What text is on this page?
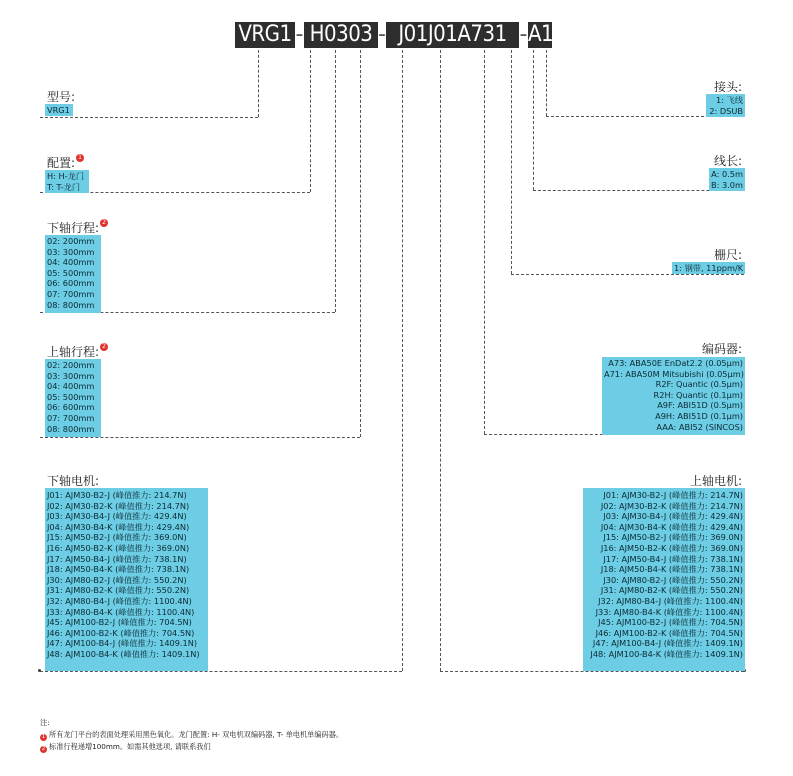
VRG1 - H0303 - J01J01A731 - A1
型号:
VRG1
配置: 1
H: H-龙门
T: T-龙门
下轴行程: 2
02: 200mm
03: 300mm
04: 400mm
05: 500mm
06: 600mm
07: 700mm
08: 800mm
上轴行程: 2
02: 200mm
03: 300mm
04: 400mm
05: 500mm
06: 600mm
07: 700mm
08: 800mm
下轴电机:
J01: AJM30-B2-J (峰值推力: 214.7N)
J02: AJM30-B2-K (峰值推力: 214.7N)
J03: AJM30-B4-J (峰值推力: 429.4N)
J04: AJM30-B4-K (峰值推力: 429.4N)
J15: AJM50-B2-J (峰值推力: 369.0N)
J16: AJM50-B2-K (峰值推力: 369.0N)
J17: AJM50-B4-J (峰值推力: 738.1N)
J18: AJM50-B4-K (峰值推力: 738.1N)
J30: AJM80-B2-J (峰值推力: 550.2N)
J31: AJM80-B2-K (峰值推力: 550.2N)
J32: AJM80-B4-J (峰值推力: 1100.4N)
J33: AJM80-B4-K (峰值推力: 1100.4N)
J45: AJM100-B2-J (峰值推力: 704.5N)
J46: AJM100-B2-K (峰值推力: 704.5N)
J47: AJM100-B4-J (峰值推力: 1409.1N)
J48: AJM100-B4-K (峰值推力: 1409.1N)
接头:
1: 飞线
2: DSUB
线长:
A: 0.5m
B: 3.0m
栅尺:
1: 钢带, 11ppm/K
编码器:
A73: ABA50E EnDat2.2 (0.05μm)
A71: ABA50M Mitsubishi (0.05μm)
R2F: Quantic (0.5μm)
R2H: Quantic (0.1μm)
A9F: ABI51D (0.5μm)
A9H: ABI51D (0.1μm)
AAA: ABI52 (SINCOS)
上轴电机:
J01: AJM30-B2-J (峰值推力: 214.7N)
J02: AJM30-B2-K (峰值推力: 214.7N)
J03: AJM30-B4-J (峰值推力: 429.4N)
J04: AJM30-B4-K (峰值推力: 429.4N)
J15: AJM50-B2-J (峰值推力: 369.0N)
J16: AJM50-B2-K (峰值推力: 369.0N)
J17: AJM50-B4-J (峰值推力: 738.1N)
J18: AJM50-B4-K (峰值推力: 738.1N)
J30: AJM80-B2-J (峰值推力: 550.2N)
J31: AJM80-B2-K (峰值推力: 550.2N)
J32: AJM80-B4-J (峰值推力: 1100.4N)
J33: AJM80-B4-K (峰值推力: 1100.4N)
J45: AJM100-B2-J (峰值推力: 704.5N)
J46: AJM100-B2-K (峰值推力: 704.5N)
J47: AJM100-B4-J (峰值推力: 1409.1N)
J48: AJM100-B4-K (峰值推力: 1409.1N)
注:
1 所有龙门平台的表面处理采用黑色氧化。龙门配置: H- 双电机双编码器, T- 单电机单编码器。
2 标准行程递增100mm。如需其他选项, 请联系我们
